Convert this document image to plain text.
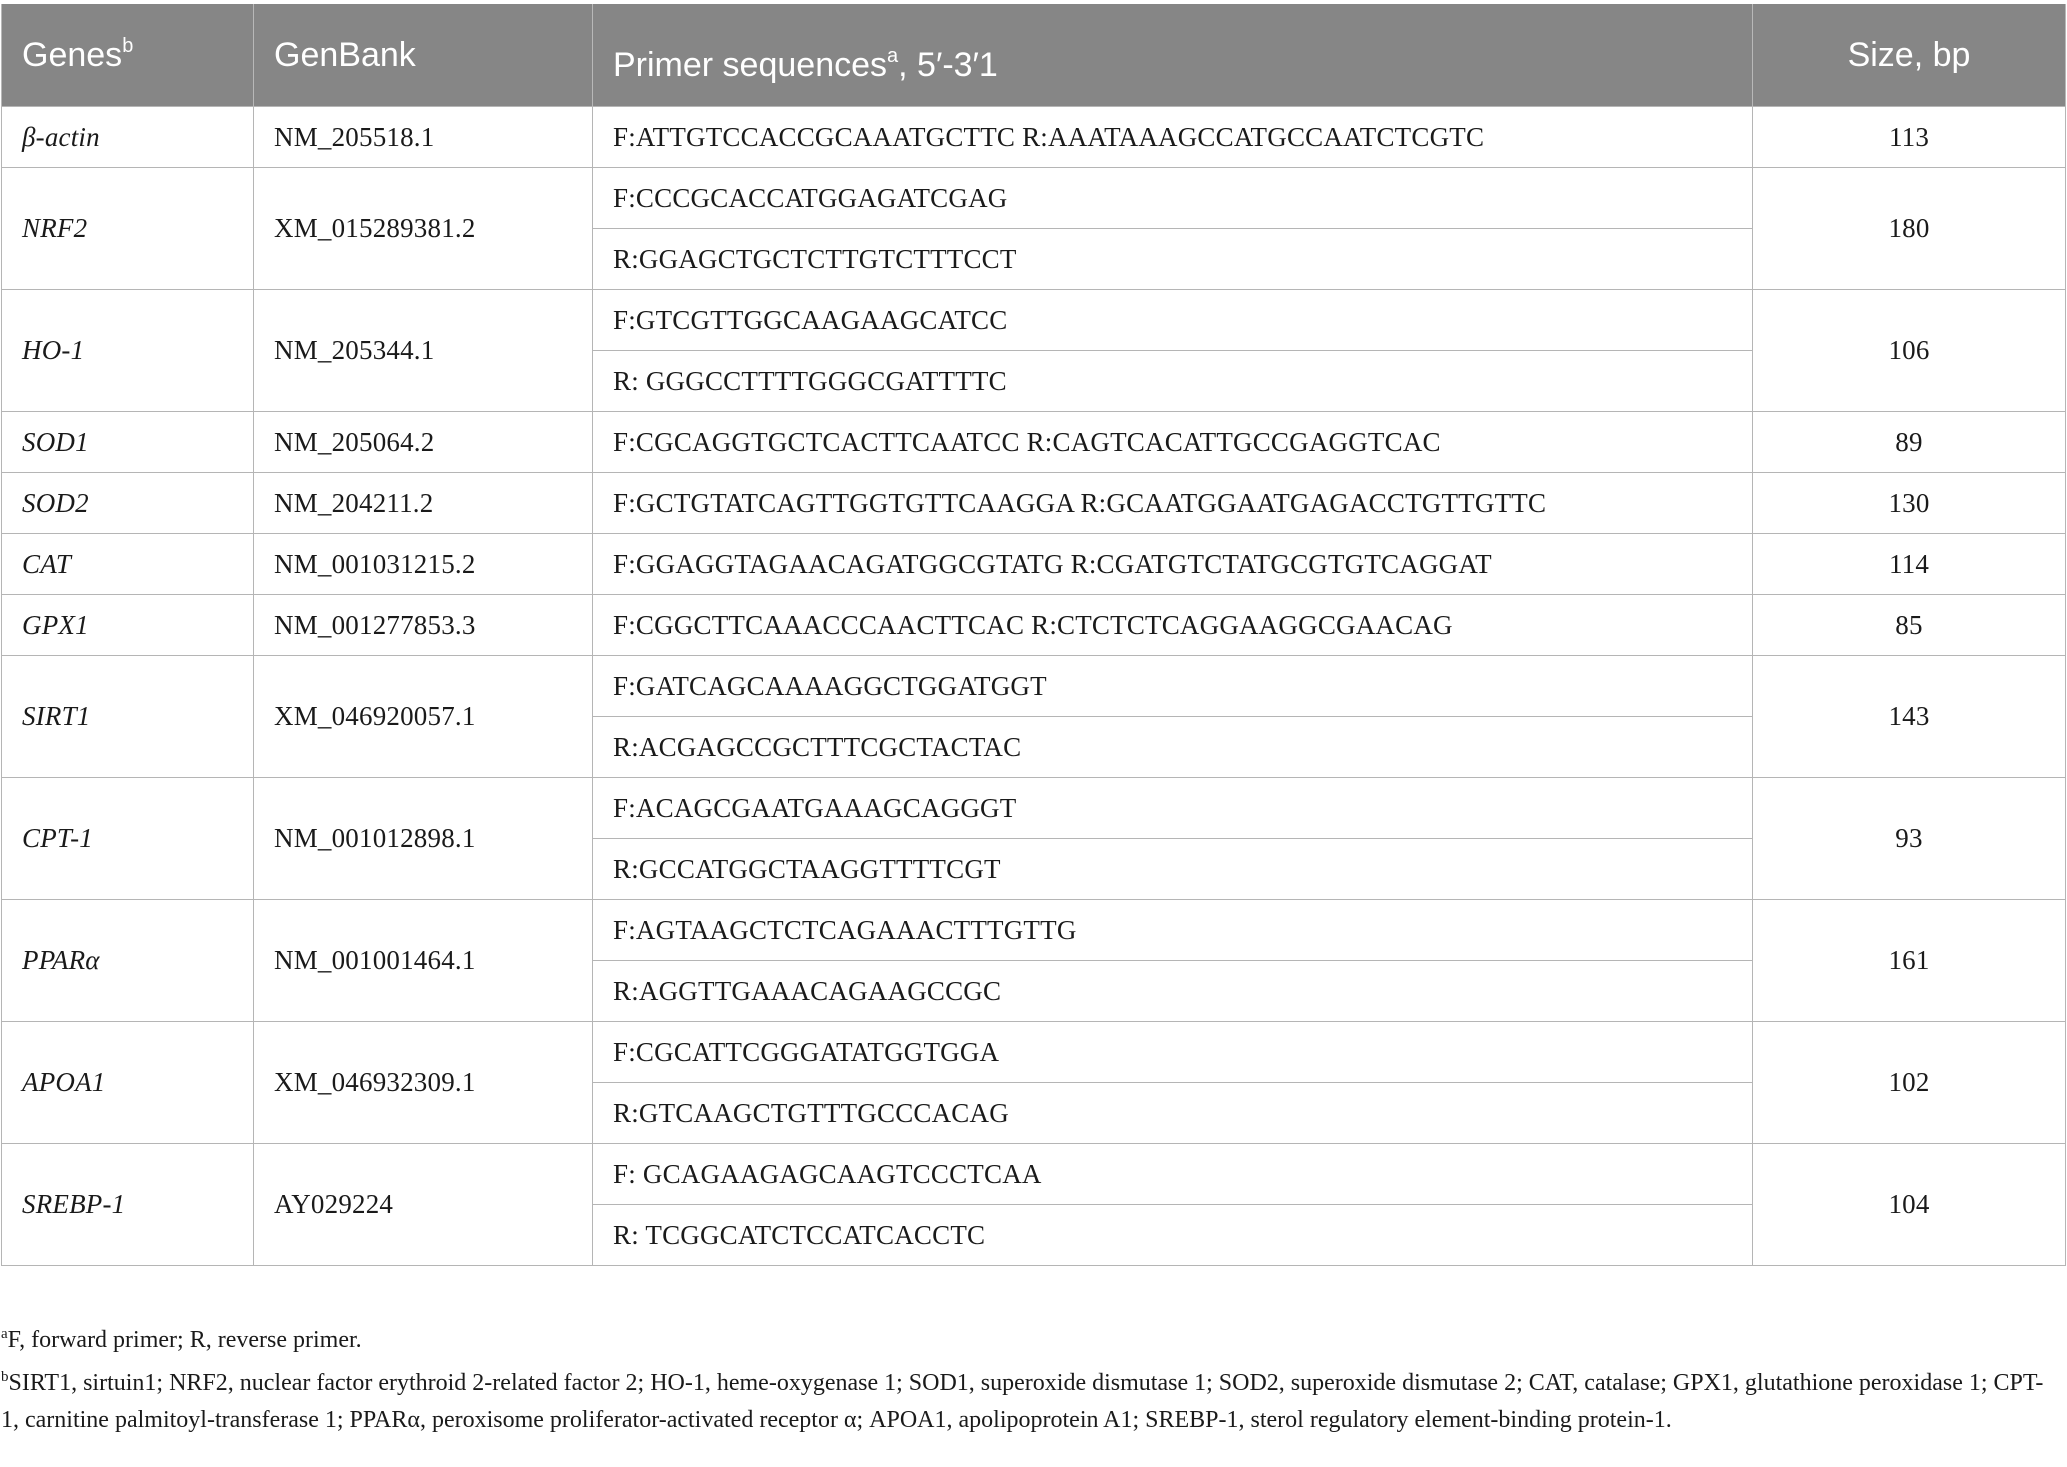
Genes$^b$	GenBank	Primer sequences$^a$, 5′-3′1	Size, bp
β-actin	NM_205518.1	F:ATTGTCCACCGCAAATGCTTC R:AAATAAAGCCATGCCAATCTCGTC	113
NRF2	XM_015289381.2	F:CCCGCACCATGGAGATCGAG	180
		R:GGAGCTGCTCTTGTCTTTCCT	
HO-1	NM_205344.1	F:GTCGTTGGCAAGAAGCATCC	106
		R: GGGCCTTTTGGGCGATTTTC	
SOD1	NM_205064.2	F:CGCAGGTGCTCACTTCAATCC R:CAGTCACATTGCCGAGGTCAC	89
SOD2	NM_204211.2	F:GCTGTATCAGTTGGTGTTCAAGGA R:GCAATGGAATGAGACCTGTTGTTC	130
CAT	NM_001031215.2	F:GGAGGTAGAACAGATGGCGTATG R:CGATGTCTATGCGTGTCAGGAT	114
GPX1	NM_001277853.3	F:CGGCTTCAAACCCAACTTCAC R:CTCTCTCAGGAAGGCGAACAG	85
SIRT1	XM_046920057.1	F:GATCAGCAAAAGGCTGGATGGT	143
		R:ACGAGCCGCTTTCGCTACTAC	
CPT-1	NM_001012898.1	F:ACAGCGAATGAAAGCAGGGT	93
		R:GCCATGGCTAAGGTTTTCGT	
PPARα	NM_001001464.1	F:AGTAAGCTCTCAGAAACTTTGTTG	161
		R:AGGTTGAAACAGAAGCCGC	
APOA1	XM_046932309.1	F:CGCATTCGGGATATGGTGGA	102
		R:GTCAAGCTGTTTGCCCACAG	
SREBP-1	AY029224	F: GCAGAAGAGCAAGTCCCTCAA	104
		R: TCGGCATCTCCATCACCTC	

$^a$F, forward primer; R, reverse primer.

$^b$SIRT1, sirtuin1; NRF2, nuclear factor erythroid 2-related factor 2; HO-1, heme-oxygenase 1; SOD1, superoxide dismutase 1; SOD2, superoxide dismutase 2; CAT, catalase; GPX1, glutathione peroxidase 1; CPT-1, carnitine palmitoyl-transferase 1; PPARα, peroxisome proliferator-activated receptor α; APOA1, apolipoprotein A1; SREBP-1, sterol regulatory element-binding protein-1.
